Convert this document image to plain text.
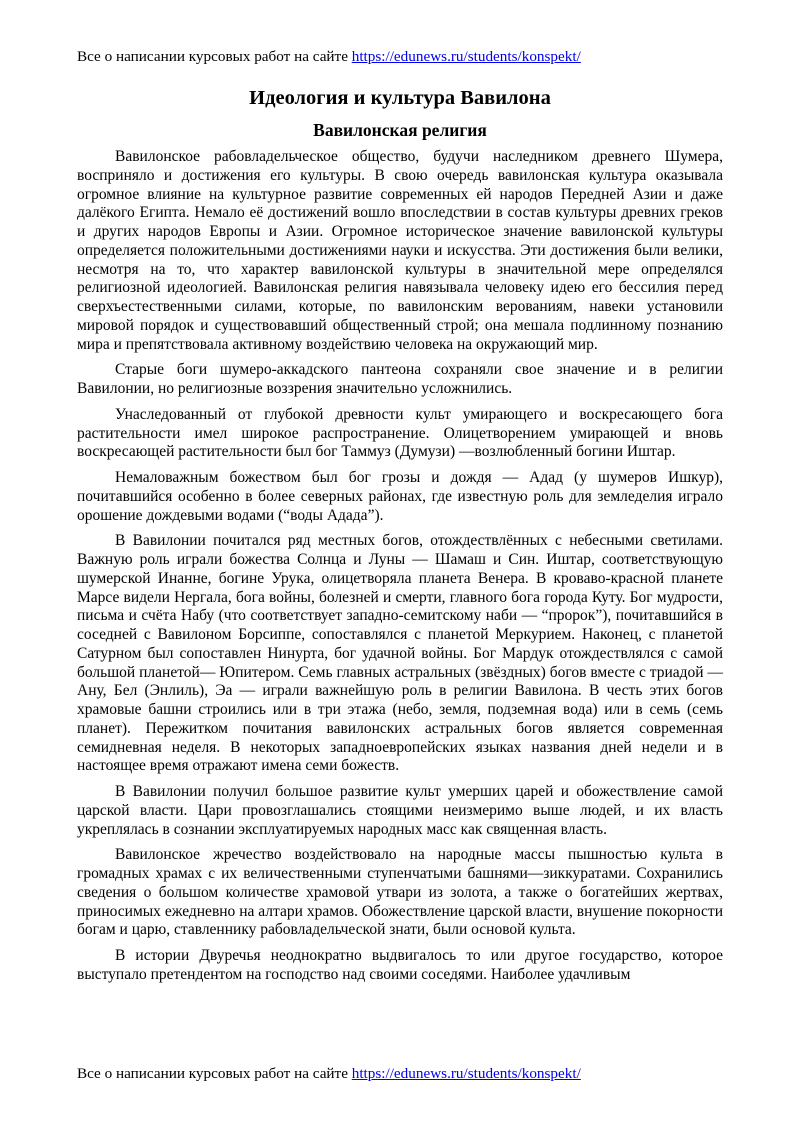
Все о написании курсовых работ на сайте https://edunews.ru/students/konspekt/
Идеология и культура Вавилона
Вавилонская религия

Вавилонское рабовладельческое общество, будучи наследником древнего Шумера, восприняло и достижения его культуры. В свою очередь вавилонская культура оказывала огромное влияние на культурное развитие современных ей народов Передней Азии и даже далёкого Египта. Немало её достижений вошло впоследствии в состав культуры древних греков и других народов Европы и Азии. Огромное историческое значение вавилонской культуры определяется положительными достижениями науки и искусства. Эти достижения были велики, несмотря на то, что характер вавилонской культуры в значительной мере определялся религиозной идеологией. Вавилонская религия навязывала человеку идею его бессилия перед сверхъестественными силами, которые, по вавилонским верованиям, навеки установили мировой порядок и существовавший общественный строй; она мешала подлинному познанию мира и препятствовала активному воздействию человека на окружающий мир.

Старые боги шумеро-аккадского пантеона сохраняли свое значение и в религии Вавилонии, но религиозные воззрения значительно усложнились.

Унаследованный от глубокой древности культ умирающего и воскресающего бога растительности имел широкое распространение. Олицетворением умирающей и вновь воскресающей растительности был бог Таммуз (Думузи) —возлюбленный богини Иштар.

Немаловажным божеством был бог грозы и дождя — Адад (у шумеров Ишкур), почитавшийся особенно в более северных районах, где известную роль для земледелия играло орошение дождевыми водами (“воды Адада”).

В Вавилонии почитался ряд местных богов, отождествлённых с небесными светилами. Важную роль играли божества Солнца и Луны — Шамаш и Син. Иштар, соответствующую шумерской Инанне, богине Урука, олицетворяла планета Венера. В кроваво-красной планете Марсе видели Нергала, бога войны, болезней и смерти, главного бога города Куту. Бог мудрости, письма и счёта Набу (что соответствует западно-семитскому наби — “пророк”), почитавшийся в соседней с Вавилоном Борсиппе, сопоставлялся с планетой Меркурием. Наконец, с планетой Сатурном был сопоставлен Нинурта, бог удачной войны. Бог Мардук отождествлялся с самой большой планетой— Юпитером. Семь главных астральных (звёздных) богов вместе с триадой — Ану, Бел (Энлиль), Эа — играли важнейшую роль в религии Вавилона. В честь этих богов храмовые башни строились или в три этажа (небо, земля, подземная вода) или в семь (семь планет). Пережитком почитания вавилонских астральных богов является современная семидневная неделя. В некоторых западноевропейских языках названия дней недели и в настоящее время отражают имена семи божеств.

В Вавилонии получил большое развитие культ умерших царей и обожествление самой царской власти. Цари провозглашались стоящими неизмеримо выше людей, и их власть укреплялась в сознании эксплуатируемых народных масс как священная власть.

Вавилонское жречество воздействовало на народные массы пышностью культа в громадных храмах с их величественными ступенчатыми башнями—зиккуратами. Сохранились сведения о большом количестве храмовой утвари из золота, а также о богатейших жертвах, приносимых ежедневно на алтари храмов. Обожествление царской власти, внушение покорности богам и царю, ставленнику рабовладельческой знати, были основой культа.

В истории Двуречья неоднократно выдвигалось то или другое государство, которое выступало претендентом на господство над своими соседями. Наиболее удачливым

Все о написании курсовых работ на сайте https://edunews.ru/students/konspekt/
